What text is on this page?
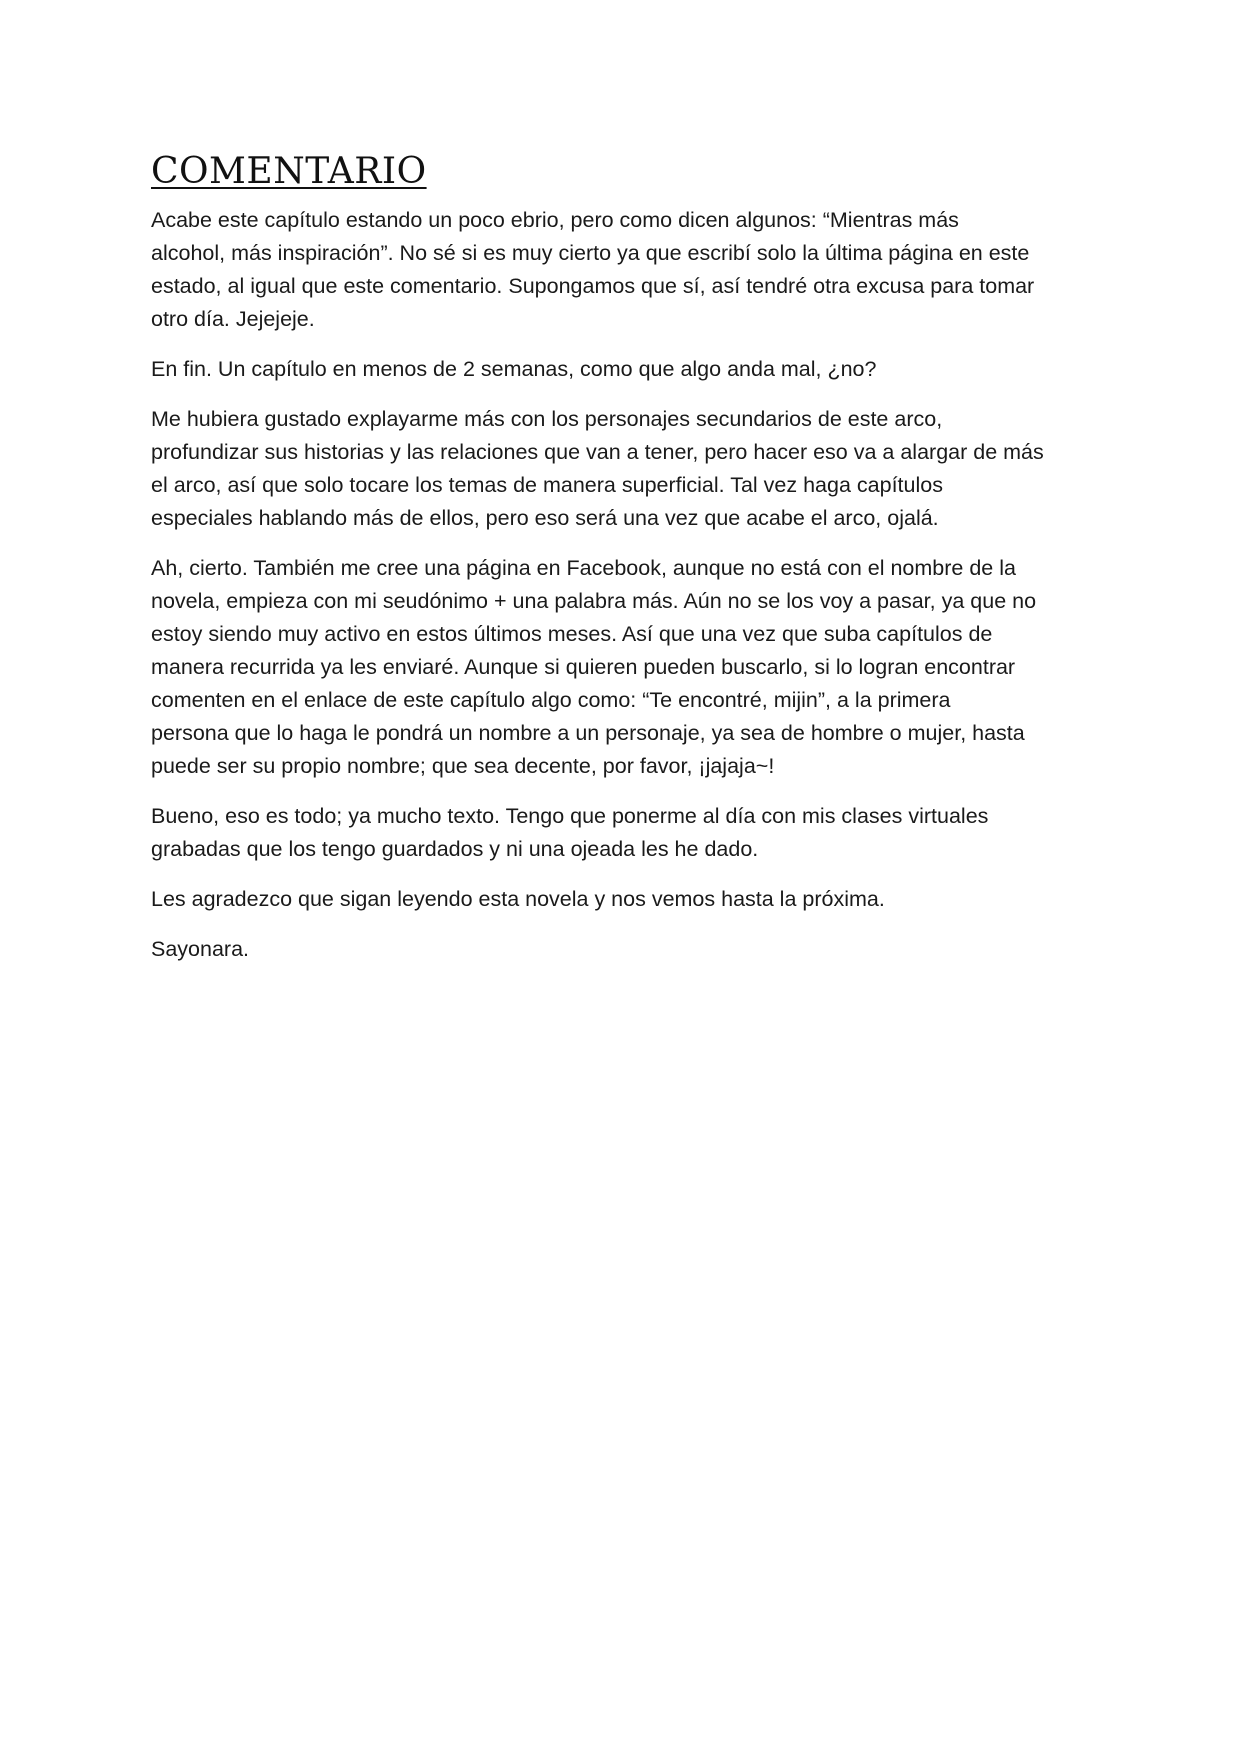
COMENTARIO
Acabe este capítulo estando un poco ebrio, pero como dicen algunos: “Mientras más
alcohol, más inspiración”. No sé si es muy cierto ya que escribí solo la última página en este
estado, al igual que este comentario. Supongamos que sí, así tendré otra excusa para tomar
otro día. Jejejeje.
En fin. Un capítulo en menos de 2 semanas, como que algo anda mal, ¿no?
Me hubiera gustado explayarme más con los personajes secundarios de este arco,
profundizar sus historias y las relaciones que van a tener, pero hacer eso va a alargar de más
el arco, así que solo tocare los temas de manera superficial. Tal vez haga capítulos
especiales hablando más de ellos, pero eso será una vez que acabe el arco, ojalá.
Ah, cierto. También me cree una página en Facebook, aunque no está con el nombre de la
novela, empieza con mi seudónimo + una palabra más. Aún no se los voy a pasar, ya que no
estoy siendo muy activo en estos últimos meses. Así que una vez que suba capítulos de
manera recurrida ya les enviaré. Aunque si quieren pueden buscarlo, si lo logran encontrar
comenten en el enlace de este capítulo algo como: “Te encontré, mijin”, a la primera
persona que lo haga le pondrá un nombre a un personaje, ya sea de hombre o mujer, hasta
puede ser su propio nombre; que sea decente, por favor, ¡jajaja~!
Bueno, eso es todo; ya mucho texto. Tengo que ponerme al día con mis clases virtuales
grabadas que los tengo guardados y ni una ojeada les he dado.
Les agradezco que sigan leyendo esta novela y nos vemos hasta la próxima.
Sayonara.
